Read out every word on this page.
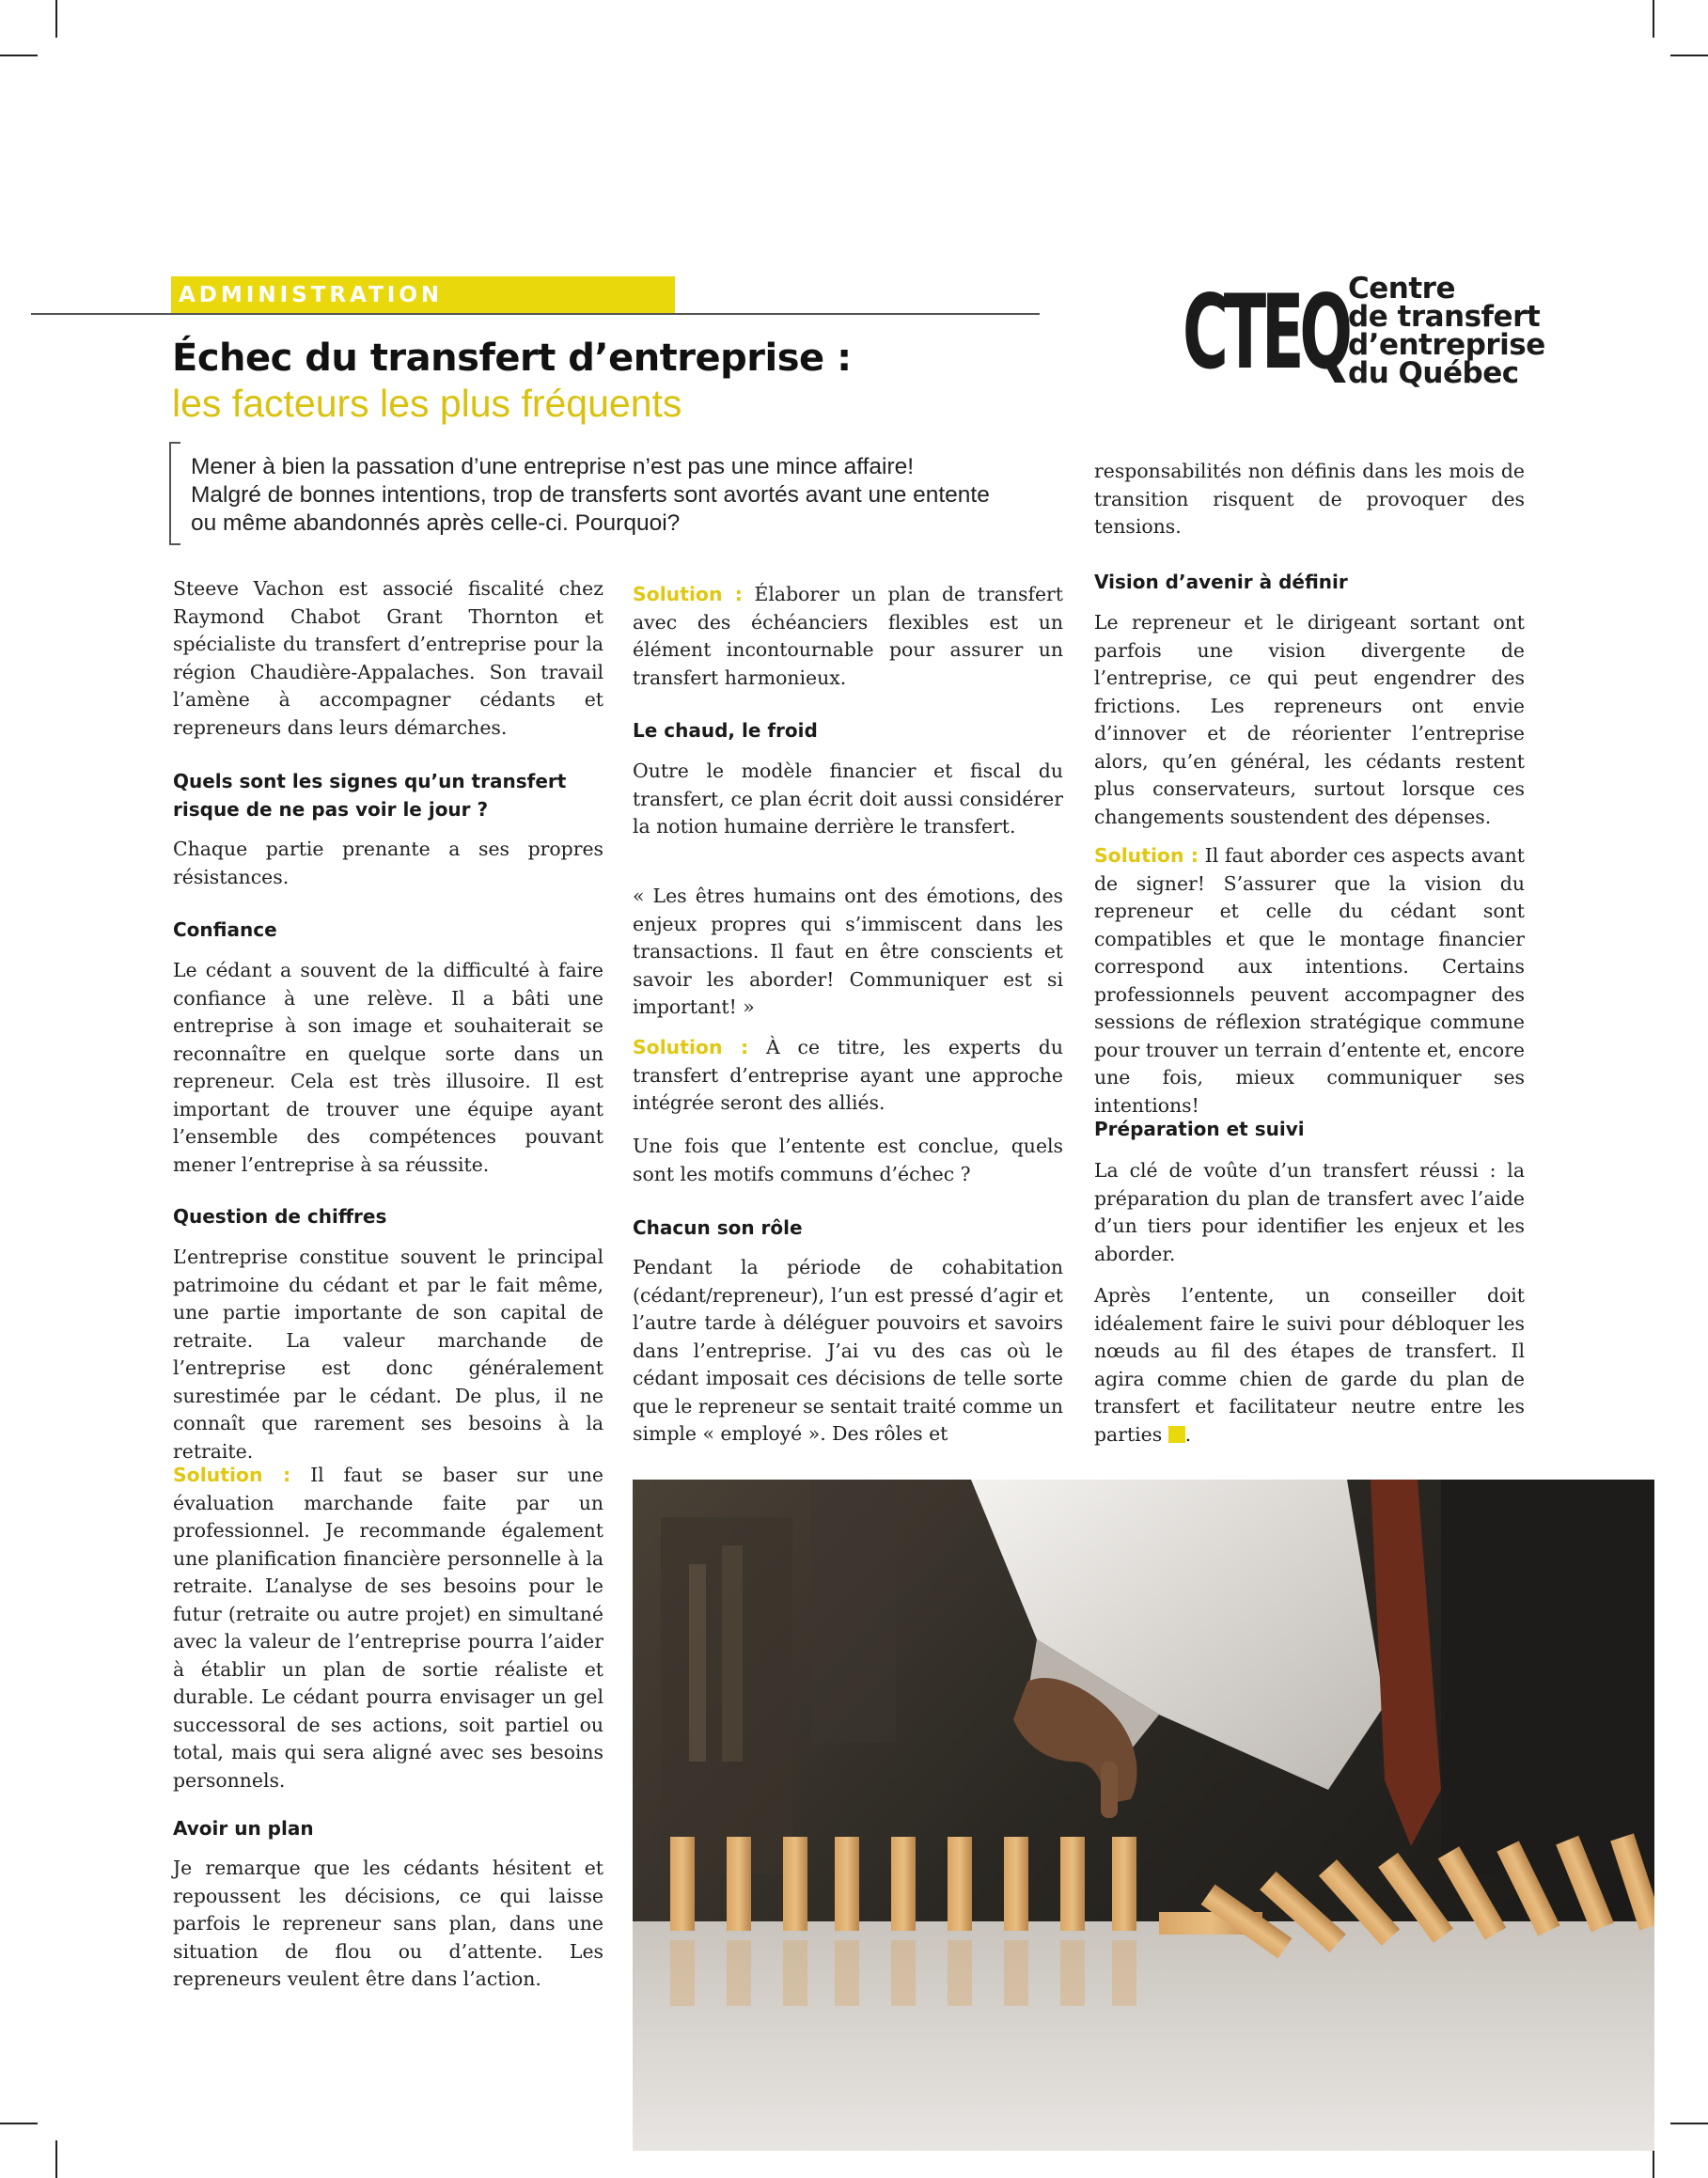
ADMINISTRATION
Échec du transfert d’entreprise :
les facteurs les plus fréquents
CTEQ Centre
de transfert
d’entreprise
du Québec
Mener à bien la passation d’une entreprise n’est pas une mince affaire!
Malgré de bonnes intentions, trop de transferts sont avortés avant une entente
ou même abandonnés après celle-ci. Pourquoi?

Steeve Vachon est associé fiscalité chez Raymond Chabot Grant Thornton et spécialiste du transfert d’entreprise pour la région Chaudière-Appalaches. Son travail l’amène à accompagner cédants et repreneurs dans leurs démarches.

Quels sont les signes qu’un transfert risque de ne pas voir le jour ?

Chaque partie prenante a ses propres résistances.

Confiance

Le cédant a souvent de la difficulté à faire confiance à une relève. Il a bâti une entreprise à son image et souhaiterait se reconnaître en quelque sorte dans un repreneur. Cela est très illusoire. Il est important de trouver une équipe ayant l’ensemble des compétences pouvant mener l’entreprise à sa réussite.

Question de chiffres

L’entreprise constitue souvent le principal patrimoine du cédant et par le fait même, une partie importante de son capital de retraite. La valeur marchande de l’entreprise est donc généralement surestimée par le cédant. De plus, il ne connaît que rarement ses besoins à la retraite.

Solution : Il faut se baser sur une évaluation marchande faite par un professionnel. Je recommande également une planification financière personnelle à la retraite. L’analyse de ses besoins pour le futur (retraite ou autre projet) en simultané avec la valeur de l’entreprise pourra l’aider à établir un plan de sortie réaliste et durable. Le cédant pourra envisager un gel successoral de ses actions, soit partiel ou total, mais qui sera aligné avec ses besoins personnels.

Avoir un plan

Je remarque que les cédants hésitent et repoussent les décisions, ce qui laisse parfois le repreneur sans plan, dans une situation de flou ou d’attente. Les repreneurs veulent être dans l’action.

Solution : Élaborer un plan de transfert avec des échéanciers flexibles est un élément incontournable pour assurer un transfert harmonieux.

Le chaud, le froid

Outre le modèle financier et fiscal du transfert, ce plan écrit doit aussi considérer la notion humaine derrière le transfert.

« Les êtres humains ont des émotions, des enjeux propres qui s’immiscent dans les transactions. Il faut en être conscients et savoir les aborder! Communiquer est si important! »

Solution : À ce titre, les experts du transfert d’entreprise ayant une approche intégrée seront des alliés.

Une fois que l’entente est conclue, quels sont les motifs communs d’échec ?

Chacun son rôle

Pendant la période de cohabitation (cédant/repreneur), l’un est pressé d’agir et l’autre tarde à déléguer pouvoirs et savoirs dans l’entreprise. J’ai vu des cas où le cédant imposait ces décisions de telle sorte que le repreneur se sentait traité comme un simple « employé ». Des rôles et

responsabilités non définis dans les mois de transition risquent de provoquer des tensions.

Vision d’avenir à définir

Le repreneur et le dirigeant sortant ont parfois une vision divergente de l’entreprise, ce qui peut engendrer des frictions. Les repreneurs ont envie d’innover et de réorienter l’entreprise alors, qu’en général, les cédants restent plus conservateurs, surtout lorsque ces changements soustendent des dépenses.

Solution : Il faut aborder ces aspects avant de signer! S’assurer que la vision du repreneur et celle du cédant sont compatibles et que le montage financier correspond aux intentions. Certains professionnels peuvent accompagner des sessions de réflexion stratégique commune pour trouver un terrain d’entente et, encore une fois, mieux communiquer ses intentions!

Préparation et suivi

La clé de voûte d’un transfert réussi : la préparation du plan de transfert avec l’aide d’un tiers pour identifier les enjeux et les aborder.

Après l’entente, un conseiller doit idéalement faire le suivi pour débloquer les nœuds au fil des étapes de transfert. Il agira comme chien de garde du plan de transfert et facilitateur neutre entre les parties .
